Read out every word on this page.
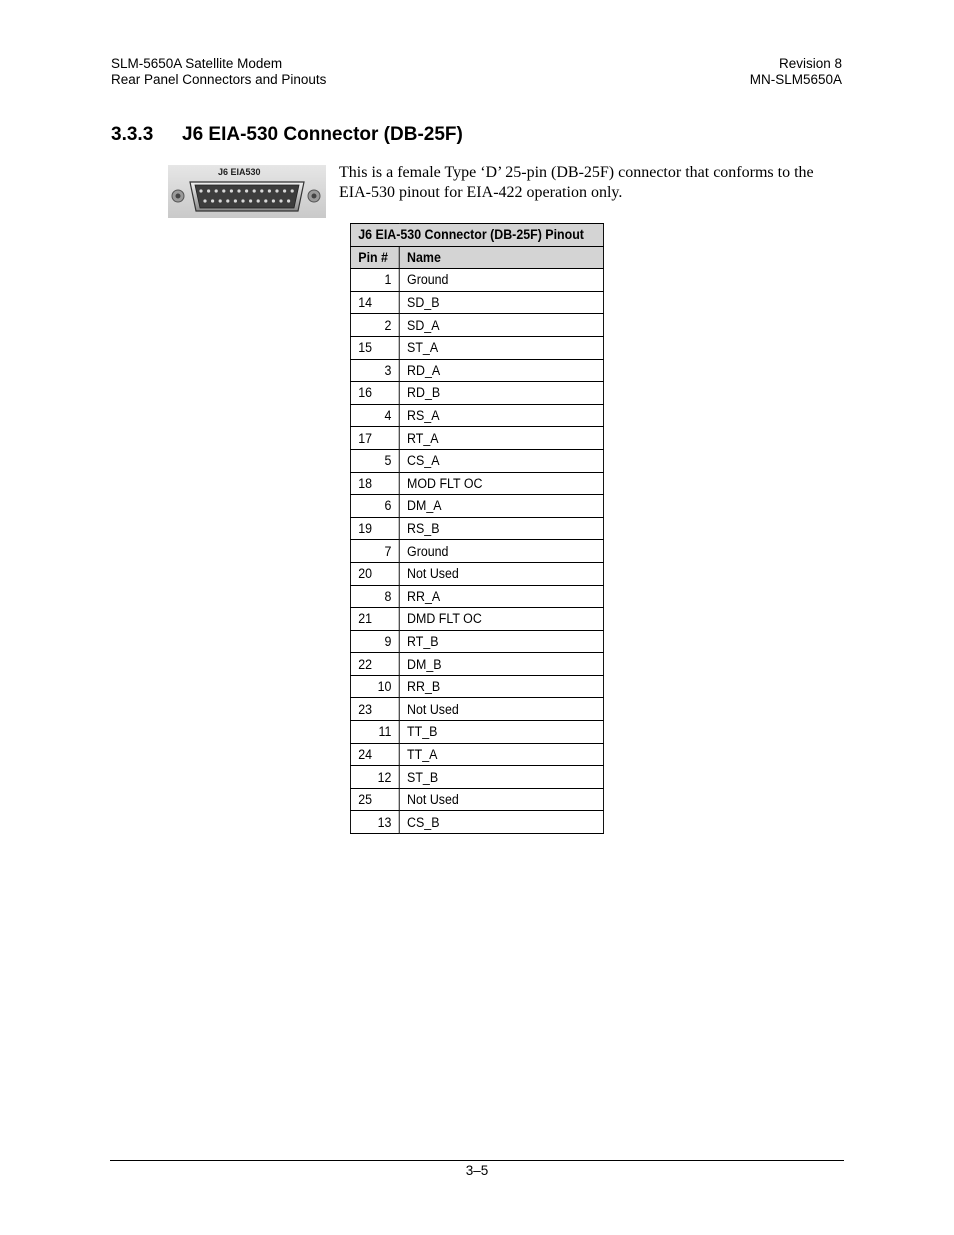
SLM-5650A Satellite Modem
Rear Panel Connectors and Pinouts
Revision 8
MN-SLM5650A
3.3.3 J6 EIA-530 Connector (DB-25F)
J6 EIA530	This is a female Type ‘D’ 25-pin (DB-25F) connector that conforms to the EIA-530 pinout for EIA-422 operation only.
J6 EIA-530 Connector (DB-25F) Pinout	
Pin #	Name
1	Ground
14	SD_B
2	SD_A
15	ST_A
3	RD_A
16	RD_B
4	RS_A
17	RT_A
5	CS_A
18	MOD FLT OC
6	DM_A
19	RS_B
7	Ground
20	Not Used
8	RR_A
21	DMD FLT OC
9	RT_B
22	DM_B
10	RR_B
23	Not Used
11	TT_B
24	TT_A
12	ST_B
25	Not Used
13	CS_B
3–5
